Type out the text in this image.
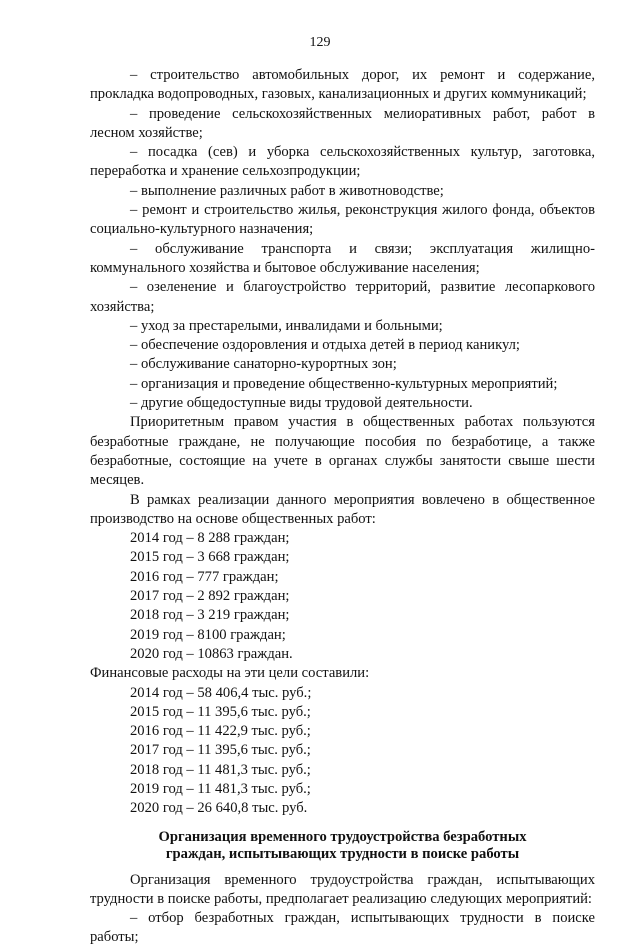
129

– строительство автомобильных дорог, их ремонт и содержание, прокладка водопроводных, газовых, канализационных и других коммуникаций;

– проведение сельскохозяйственных мелиоративных работ, работ в лесном хозяйстве;

– посадка (сев) и уборка сельскохозяйственных культур, заготовка, переработка и хранение сельхозпродукции;

– выполнение различных работ в животноводстве;

– ремонт и строительство жилья, реконструкция жилого фонда, объектов социально-культурного назначения;

– обслуживание транспорта и связи; эксплуатация жилищно-коммунального хозяйства и бытовое обслуживание населения;

– озеленение и благоустройство территорий, развитие лесопаркового хозяйства;

– уход за престарелыми, инвалидами и больными;

– обеспечение оздоровления и отдыха детей в период каникул;

– обслуживание санаторно-курортных зон;

– организация и проведение общественно-культурных мероприятий;

– другие общедоступные виды трудовой деятельности.

Приоритетным правом участия в общественных работах пользуются безработные граждане, не получающие пособия по безработице, а также безработные, состоящие на учете в органах службы занятости свыше шести месяцев.

В рамках реализации данного мероприятия вовлечено в общественное производство на основе общественных работ:

2014 год – 8 288 граждан;

2015 год – 3 668 граждан;

2016 год – 777 граждан;

2017 год – 2 892 граждан;

2018 год – 3 219 граждан;

2019 год – 8100 граждан;

2020 год – 10863 граждан.

Финансовые расходы на эти цели составили:

2014 год – 58 406,4 тыс. руб.;

2015 год – 11 395,6 тыс. руб.;

2016 год – 11 422,9 тыс. руб.;

2017 год – 11 395,6 тыс. руб.;

2018 год – 11 481,3 тыс. руб.;

2019 год – 11 481,3 тыс. руб.;

2020 год – 26 640,8 тыс. руб.

Организация временного трудоустройства безработных
граждан, испытывающих трудности в поиске работы

Организация временного трудоустройства граждан, испытывающих трудности в поиске работы, предполагает реализацию следующих мероприятий:

– отбор безработных граждан, испытывающих трудности в поиске работы;
